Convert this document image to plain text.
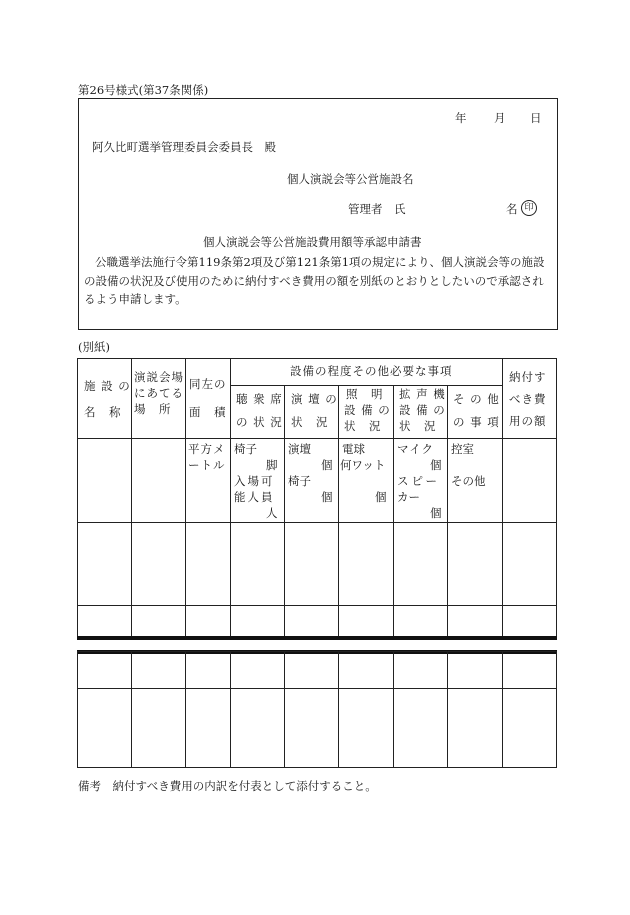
第26号様式(第37条関係)
年 月 日
阿久比町選挙管理委員会委員長　殿
個人演説会等公営施設名
管理者　氏	名 印
個人演説会等公営施設費用額等承認申請書
公職選挙法施行令第119条第2項及び第121条第1項の規定により、個人演説会等の施設の設備の状況及び使用のために納付すべき費用の額を別紙のとおりとしたいので承認されるよう申請します。
(別紙)
施 設 の
名　称
演説会場
にあてる
場　所
同左の
面　積
設備の程度その他必要な事項
聴 衆 席
の 状 況
演 壇 の
状　況
照　明
設 備 の
状　況
拡 声 機
設 備 の
状　況
そ の 他
の 事 項
納付す
べき費
用の額
平方メ
ートル
椅子
脚
入場可
能人員
人
演壇
個
椅子
個
電球
何ワット
個
マイク
個
スピー
カー
個
控室
その他
備考　納付すべき費用の内訳を付表として添付すること。
